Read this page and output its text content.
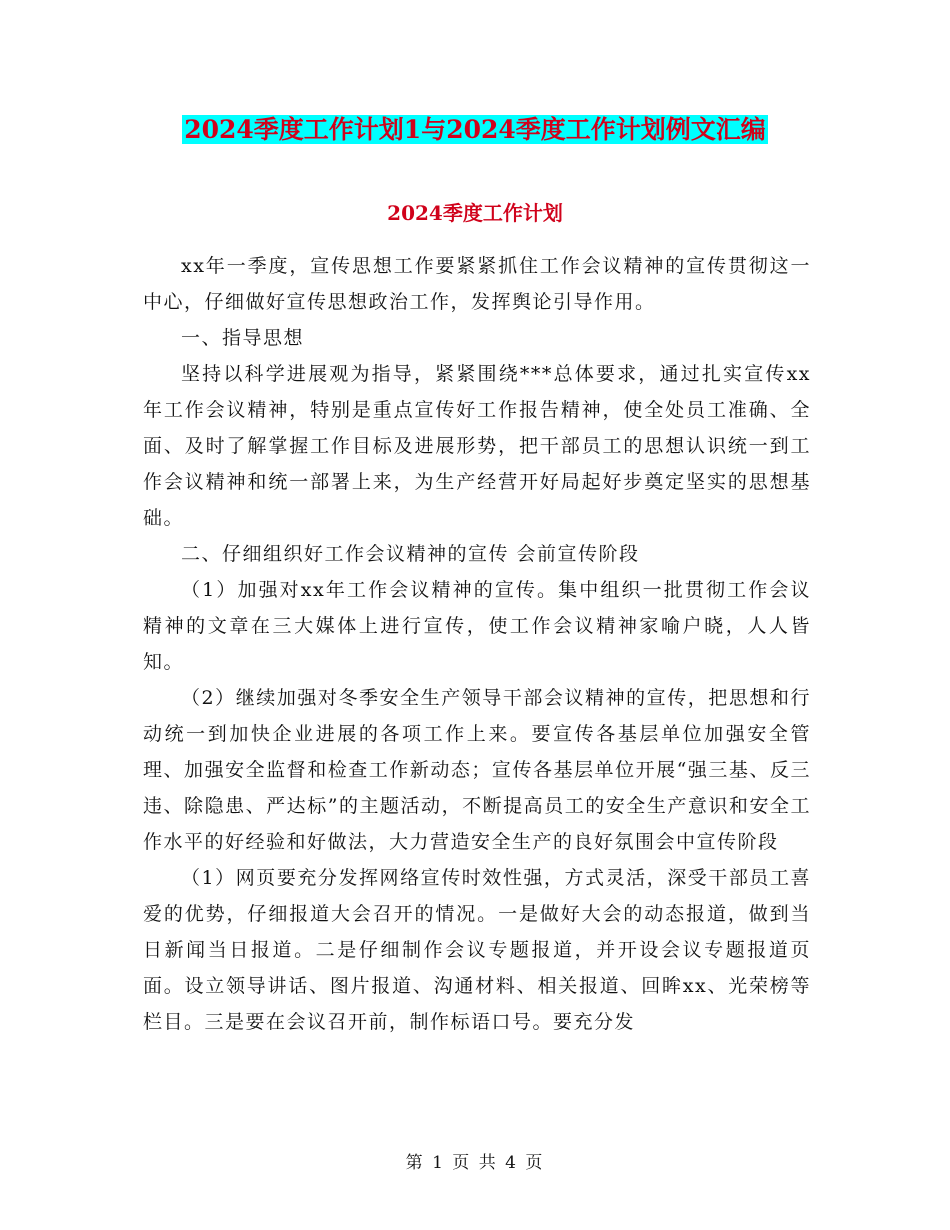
2024季度工作计划1与2024季度工作计划例文汇编
2024季度工作计划

xx年一季度，宣传思想工作要紧紧抓住工作会议精神的宣传贯彻这一中心，仔细做好宣传思想政治工作，发挥舆论引导作用。

一、指导思想

坚持以科学进展观为指导，紧紧围绕***总体要求，通过扎实宣传xx年工作会议精神，特别是重点宣传好工作报告精神，使全处员工准确、全面、及时了解掌握工作目标及进展形势，把干部员工的思想认识统一到工作会议精神和统一部署上来，为生产经营开好局起好步奠定坚实的思想基础。

二、仔细组织好工作会议精神的宣传 会前宣传阶段

（1）加强对xx年工作会议精神的宣传。集中组织一批贯彻工作会议精神的文章在三大媒体上进行宣传，使工作会议精神家喻户晓，人人皆知。

（2）继续加强对冬季安全生产领导干部会议精神的宣传，把思想和行动统一到加快企业进展的各项工作上来。要宣传各基层单位加强安全管理、加强安全监督和检查工作新动态；宣传各基层单位开展“强三基、反三违、除隐患、严达标”的主题活动，不断提高员工的安全生产意识和安全工作水平的好经验和好做法，大力营造安全生产的良好氛围会中宣传阶段

（1）网页要充分发挥网络宣传时效性强，方式灵活，深受干部员工喜爱的优势，仔细报道大会召开的情况。一是做好大会的动态报道，做到当日新闻当日报道。二是仔细制作会议专题报道，并开设会议专题报道页面。设立领导讲话、图片报道、沟通材料、相关报道、回眸xx、光荣榜等栏目。三是要在会议召开前，制作标语口号。要充分发

第 1 页 共 4 页
